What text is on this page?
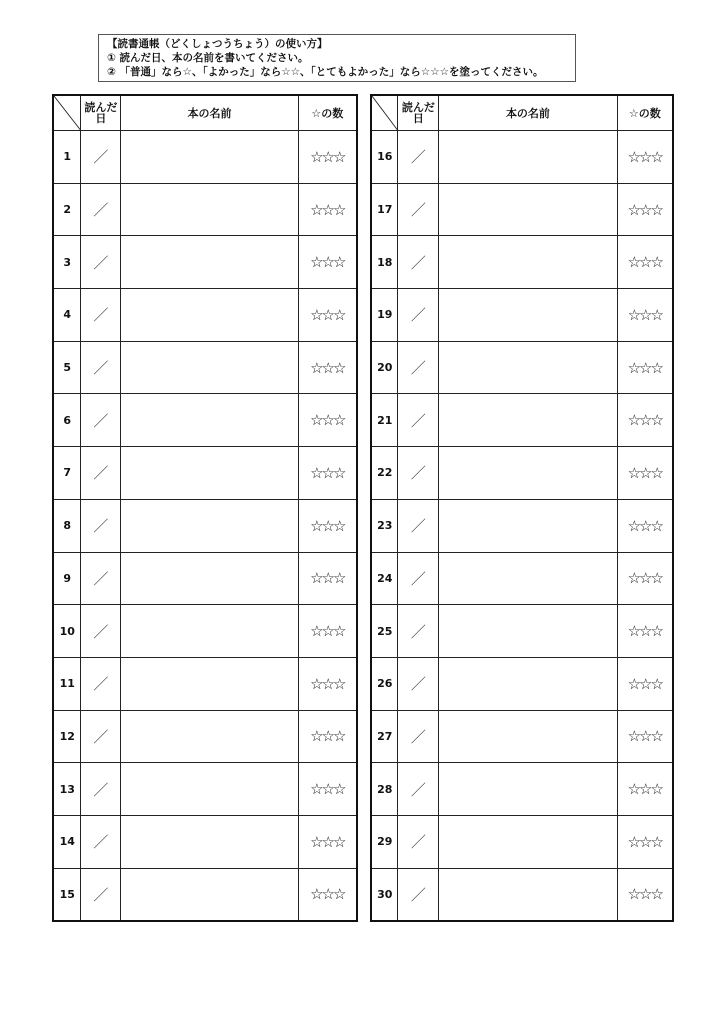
【読書通帳（どくしょつうちょう）の使い方】
① 読んだ日、本の名前を書いてください。
② 「普通」なら☆、「よかった」なら☆☆、「とてもよかった」なら☆☆☆を塗ってください。
	読んだ日	本の名前	☆の数
1	／		☆☆☆
2	／		☆☆☆
3	／		☆☆☆
4	／		☆☆☆
5	／		☆☆☆
6	／		☆☆☆
7	／		☆☆☆
8	／		☆☆☆
9	／		☆☆☆
10	／		☆☆☆
11	／		☆☆☆
12	／		☆☆☆
13	／		☆☆☆
14	／		☆☆☆
15	／		☆☆☆
	読んだ日	本の名前	☆の数
16	／		☆☆☆
17	／		☆☆☆
18	／		☆☆☆
19	／		☆☆☆
20	／		☆☆☆
21	／		☆☆☆
22	／		☆☆☆
23	／		☆☆☆
24	／		☆☆☆
25	／		☆☆☆
26	／		☆☆☆
27	／		☆☆☆
28	／		☆☆☆
29	／		☆☆☆
30	／		☆☆☆
